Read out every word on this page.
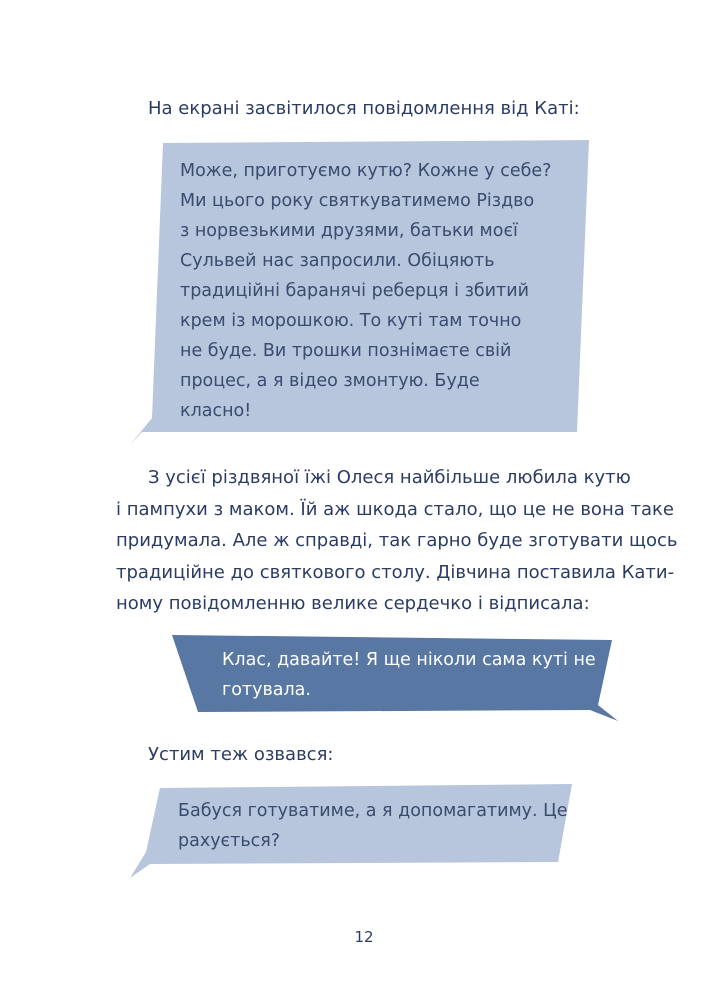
На екрані засвітилося повідомлення від Каті:
Може, приготуємо кутю? Кожне у себе?
Ми цього року святкуватимемо Різдво
з норвезькими друзями, батьки моєї
Сульвей нас запросили. Обіцяють
традиційні баранячі реберця і збитий
крем із морошкою. То куті там точно
не буде. Ви трошки познімаєте свій
процес, а я відео змонтую. Буде
класно!
З усієї різдвяної їжі Олеся найбільше любила кутю
і пампухи з маком. Їй аж шкода стало, що це не вона таке
придумала. Але ж справді, так гарно буде зготувати щось
традиційне до святкового столу. Дівчина поставила Кати-
ному повідомленню велике сердечко і відписала:
Клас, давайте! Я ще ніколи сама куті не
готувала.
Устим теж озвався:
Бабуся готуватиме, а я допомагатиму. Це
рахується?
12
